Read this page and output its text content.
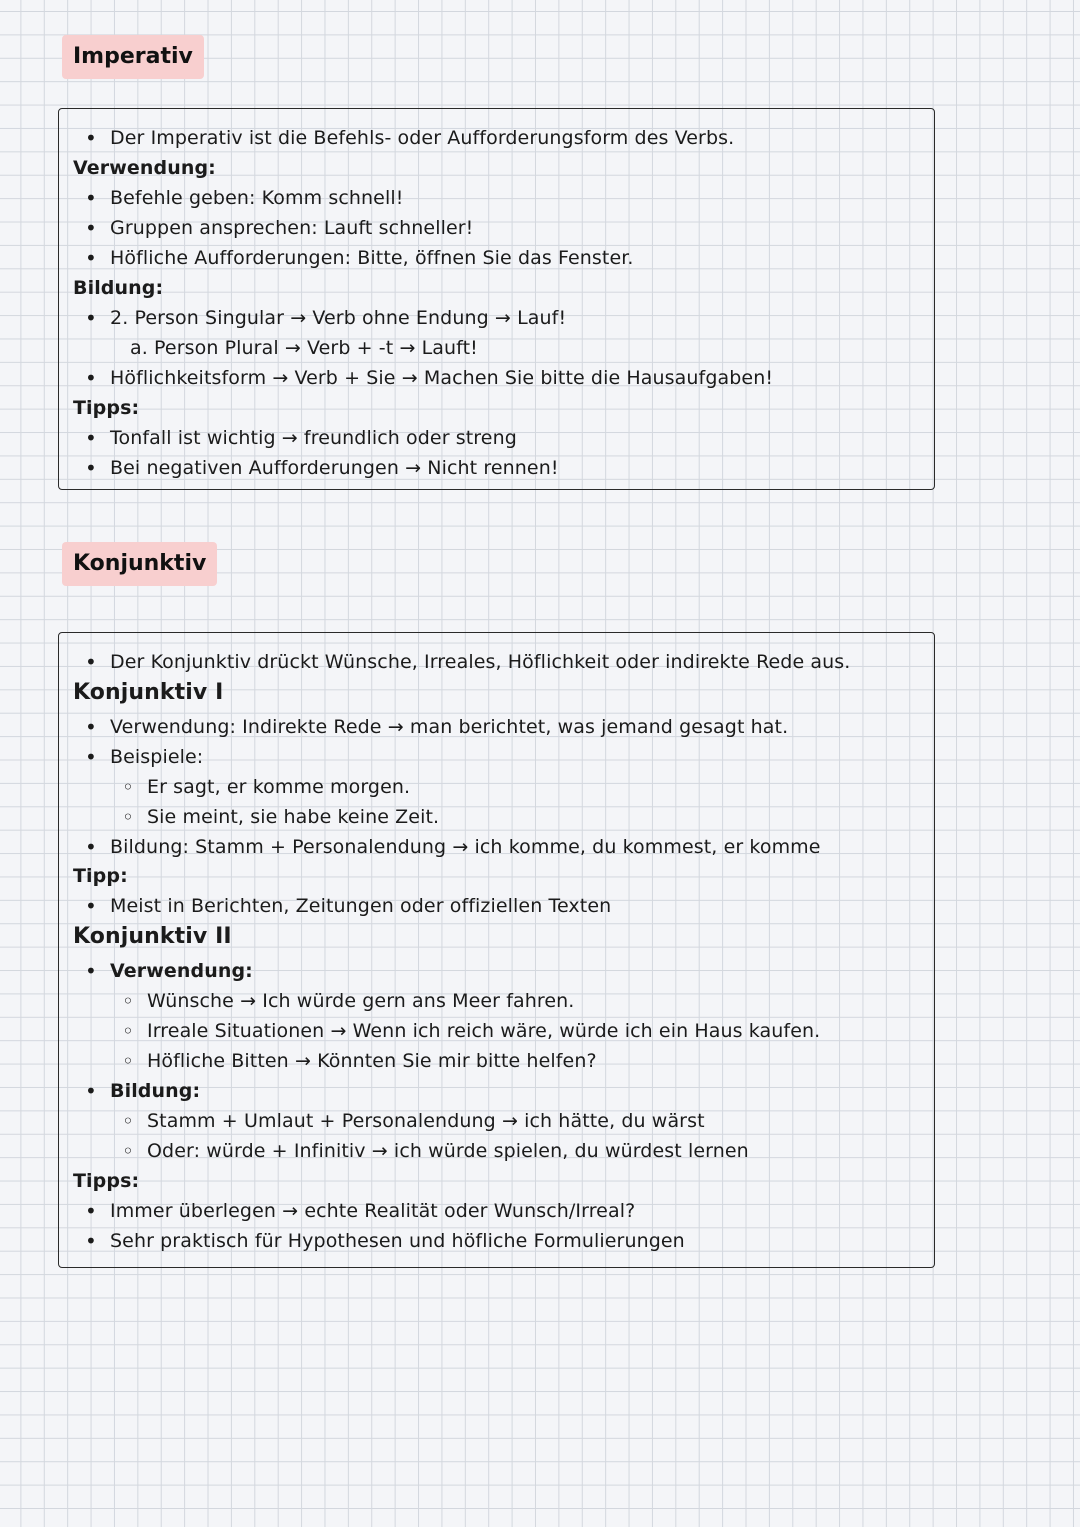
Imperativ
• Der Imperativ ist die Befehls- oder Aufforderungsform des Verbs.
Verwendung:
• Befehle geben: Komm schnell!
• Gruppen ansprechen: Lauft schneller!
• Höfliche Aufforderungen: Bitte, öffnen Sie das Fenster.
Bildung:
• 2. Person Singular → Verb ohne Endung → Lauf!
a. Person Plural → Verb + -t → Lauft!
• Höflichkeitsform → Verb + Sie → Machen Sie bitte die Hausaufgaben!
Tipps:
• Tonfall ist wichtig → freundlich oder streng
• Bei negativen Aufforderungen → Nicht rennen!
Konjunktiv
• Der Konjunktiv drückt Wünsche, Irreales, Höflichkeit oder indirekte Rede aus.
Konjunktiv I
• Verwendung: Indirekte Rede → man berichtet, was jemand gesagt hat.
• Beispiele:
◦ Er sagt, er komme morgen.
◦ Sie meint, sie habe keine Zeit.
• Bildung: Stamm + Personalendung → ich komme, du kommest, er komme
Tipp:
• Meist in Berichten, Zeitungen oder offiziellen Texten
Konjunktiv II
• Verwendung:
◦ Wünsche → Ich würde gern ans Meer fahren.
◦ Irreale Situationen → Wenn ich reich wäre, würde ich ein Haus kaufen.
◦ Höfliche Bitten → Könnten Sie mir bitte helfen?
• Bildung:
◦ Stamm + Umlaut + Personalendung → ich hätte, du wärst
◦ Oder: würde + Infinitiv → ich würde spielen, du würdest lernen
Tipps:
• Immer überlegen → echte Realität oder Wunsch/Irreal?
• Sehr praktisch für Hypothesen und höfliche Formulierungen
